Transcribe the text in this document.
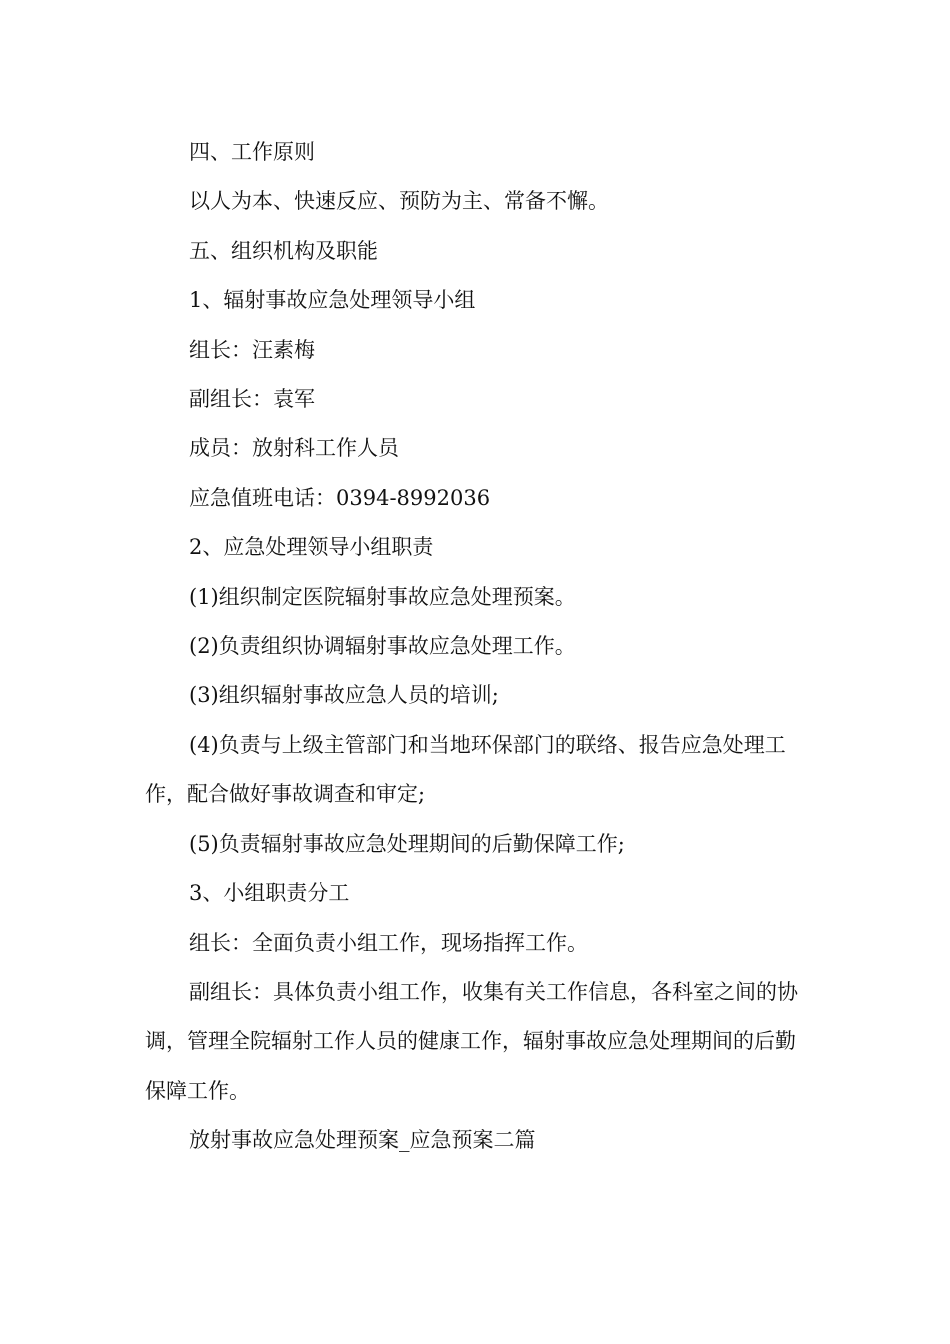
四、工作原则

以人为本、快速反应、预防为主、常备不懈。

五、组织机构及职能

1、辐射事故应急处理领导小组

组长：汪素梅

副组长：袁军

成员：放射科工作人员

应急值班电话：0394-8992036

2、应急处理领导小组职责

(1)组织制定医院辐射事故应急处理预案。

(2)负责组织协调辐射事故应急处理工作。

(3)组织辐射事故应急人员的培训;

(4)负责与上级主管部门和当地环保部门的联络、报告应急处理工作，配合做好事故调查和审定;

(5)负责辐射事故应急处理期间的后勤保障工作;

3、小组职责分工

组长：全面负责小组工作，现场指挥工作。

副组长：具体负责小组工作，收集有关工作信息，各科室之间的协调，管理全院辐射工作人员的健康工作，辐射事故应急处理期间的后勤保障工作。

放射事故应急处理预案_应急预案二篇
